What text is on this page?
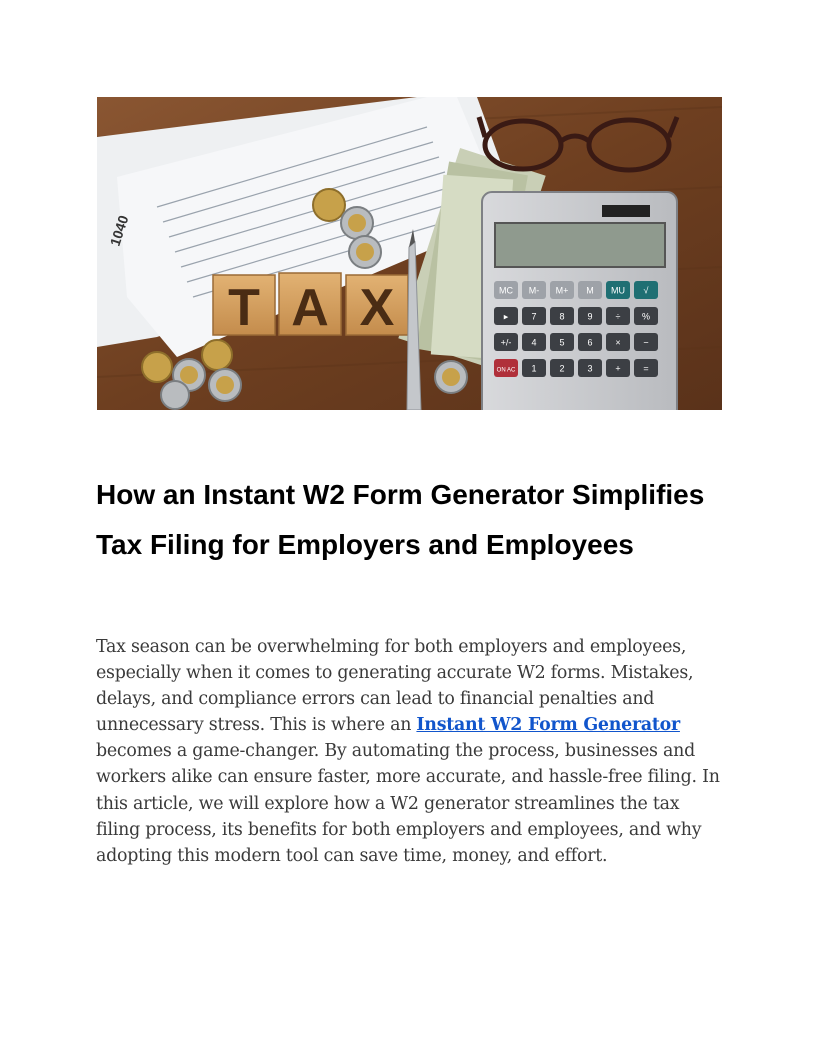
1040
T A X	MC M- M+ M MU √
▸	7	8	9	÷ %
+/- 4	5	6	×	−
ON AC 1	2	3	+	=
How an Instant W2 Form Generator Simplifies Tax Filing for Employers and Employees

Tax season can be overwhelming for both employers and employees, especially when it comes to generating accurate W2 forms. Mistakes, delays, and compliance errors can lead to financial penalties and unnecessary stress. This is where an Instant W2 Form Generator becomes a game-changer. By automating the process, businesses and workers alike can ensure faster, more accurate, and hassle-free filing. In this article, we will explore how a W2 generator streamlines the tax filing process, its benefits for both employers and employees, and why adopting this modern tool can save time, money, and effort.
